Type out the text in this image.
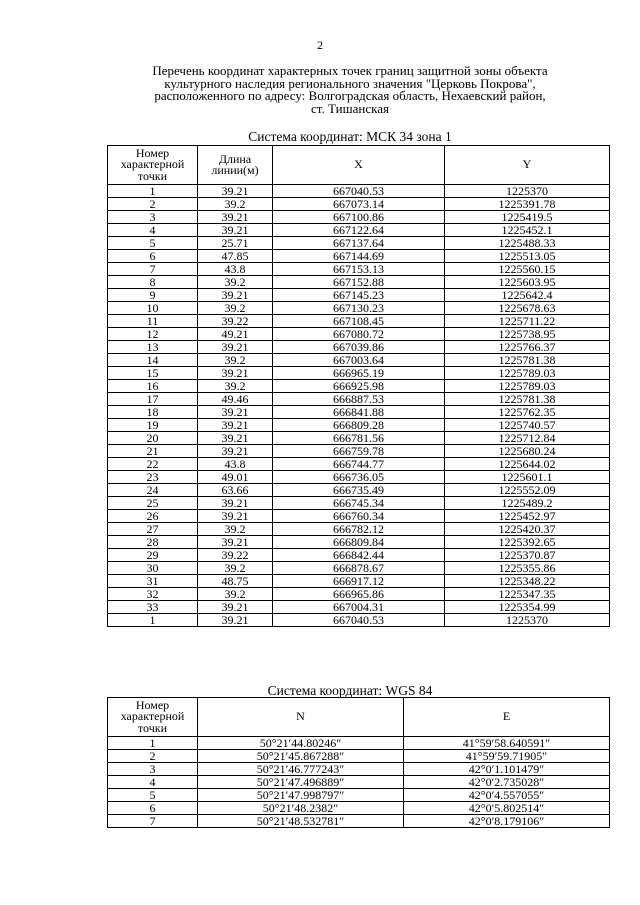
2
Перечень координат характерных точек границ защитной зоны объекта
культурного наследия регионального значения "Церковь Покрова",
расположенного по адресу: Волгоградская область, Нехаевский район,
ст. Тишанская
Система координат: МСК 34 зона 1
Номер характерной точки	Длина линии(м)	X	Y
1	39.21	667040.53	1225370
2	39.2	667073.14	1225391.78
3	39.21	667100.86	1225419.5
4	39.21	667122.64	1225452.1
5	25.71	667137.64	1225488.33
6	47.85	667144.69	1225513.05
7	43.8	667153.13	1225560.15
8	39.2	667152.88	1225603.95
9	39.21	667145.23	1225642.4
10	39.2	667130.23	1225678.63
11	39.22	667108.45	1225711.22
12	49.21	667080.72	1225738.95
13	39.21	667039.86	1225766.37
14	39.2	667003.64	1225781.38
15	39.21	666965.19	1225789.03
16	39.2	666925.98	1225789.03
17	49.46	666887.53	1225781.38
18	39.21	666841.88	1225762.35
19	39.21	666809.28	1225740.57
20	39.21	666781.56	1225712.84
21	39.21	666759.78	1225680.24
22	43.8	666744.77	1225644.02
23	49.01	666736.05	1225601.1
24	63.66	666735.49	1225552.09
25	39.21	666745.34	1225489.2
26	39.21	666760.34	1225452.97
27	39.2	666782.12	1225420.37
28	39.21	666809.84	1225392.65
29	39.22	666842.44	1225370.87
30	39.2	666878.67	1225355.86
31	48.75	666917.12	1225348.22
32	39.2	666965.86	1225347.35
33	39.21	667004.31	1225354.99
1	39.21	667040.53	1225370
Система координат: WGS 84
Номер характерной точки	N	E
1	50°21′44.80246″	41°59′58.640591″
2	50°21′45.867288″	41°59′59.71905″
3	50°21′46.777243″	42°0′1.101479″
4	50°21′47.496889″	42°0′2.735028″
5	50°21′47.998797″	42°0′4.557055″
6	50°21′48.2382″	42°0′5.802514″
7	50°21′48.532781″	42°0′8.179106″
